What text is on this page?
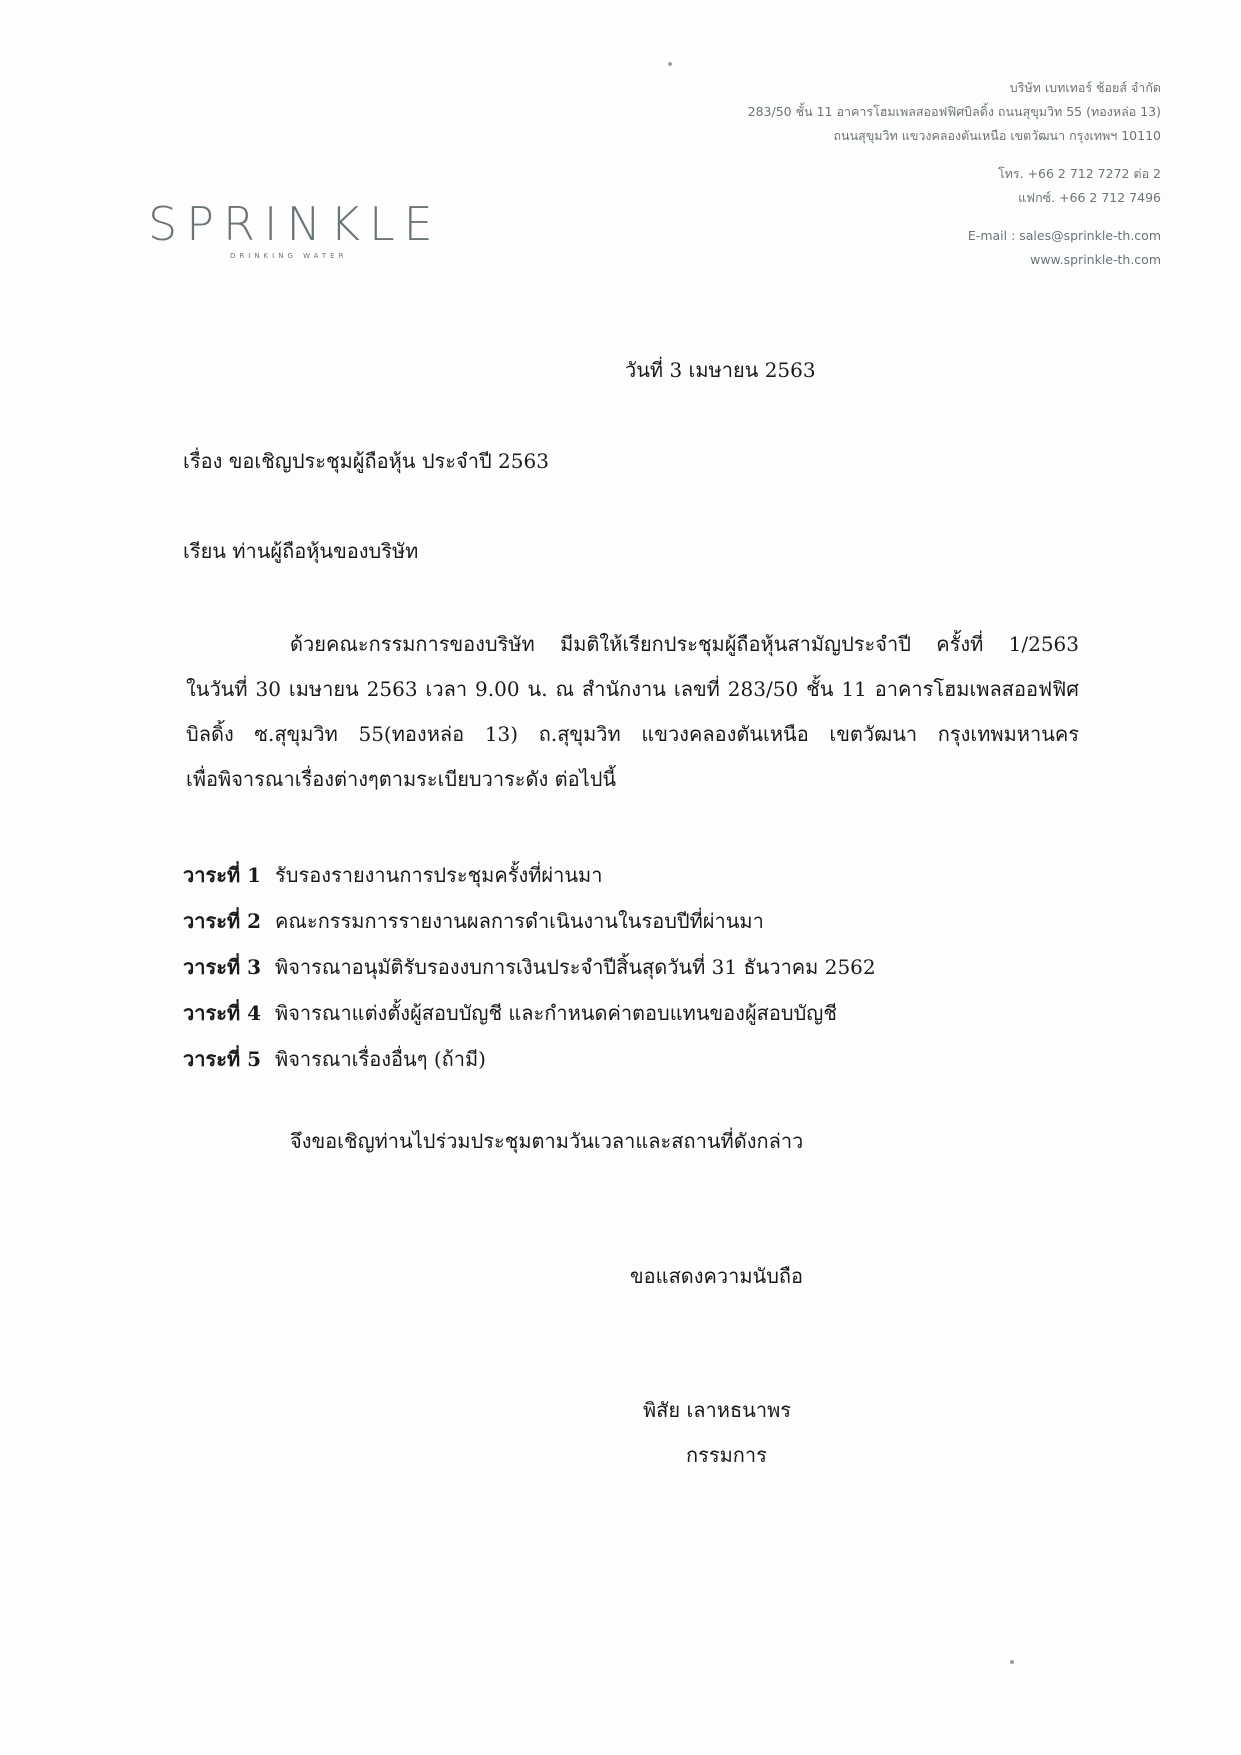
SPRINKLE
DRINKING WATER
บริษัท เบทเทอร์ ช้อยส์ จำกัด
283/50 ชั้น 11 อาคารโฮมเพลสออฟฟิศบิลดิ้ง ถนนสุขุมวิท 55 (ทองหล่อ 13)
ถนนสุขุมวิท แขวงคลองตันเหนือ เขตวัฒนา กรุงเทพฯ 10110
โทร. +66 2 712 7272 ต่อ 2
แฟกซ์. +66 2 712 7496
E-mail : sales@sprinkle-th.com
www.sprinkle-th.com
วันที่ 3 เมษายน 2563
เรื่อง ขอเชิญประชุมผู้ถือหุ้น ประจำปี 2563
เรียน ท่านผู้ถือหุ้นของบริษัท
ด้วยคณะกรรมการของบริษัท มีมติให้เรียกประชุมผู้ถือหุ้นสามัญประจำปี ครั้งที่ 1/2563
ในวันที่ 30 เมษายน 2563 เวลา 9.00 น. ณ สำนักงาน เลขที่ 283/50 ชั้น 11 อาคารโฮมเพลสออฟฟิศ
บิลดิ้ง ซ.สุขุมวิท 55(ทองหล่อ 13) ถ.สุขุมวิท แขวงคลองตันเหนือ เขตวัฒนา กรุงเทพมหานคร
เพื่อพิจารณาเรื่องต่างๆตามระเบียบวาระดัง ต่อไปนี้
วาระที่ 1 รับรองรายงานการประชุมครั้งที่ผ่านมา
วาระที่ 2 คณะกรรมการรายงานผลการดำเนินงานในรอบปีที่ผ่านมา
วาระที่ 3 พิจารณาอนุมัติรับรองงบการเงินประจำปีสิ้นสุดวันที่ 31 ธันวาคม 2562
วาระที่ 4 พิจารณาแต่งตั้งผู้สอบบัญชี และกำหนดค่าตอบแทนของผู้สอบบัญชี
วาระที่ 5 พิจารณาเรื่องอื่นๆ (ถ้ามี)
จึงขอเชิญท่านไปร่วมประชุมตามวันเวลาและสถานที่ดังกล่าว
ขอแสดงความนับถือ
พิสัย เลาหธนาพร
กรรมการ
